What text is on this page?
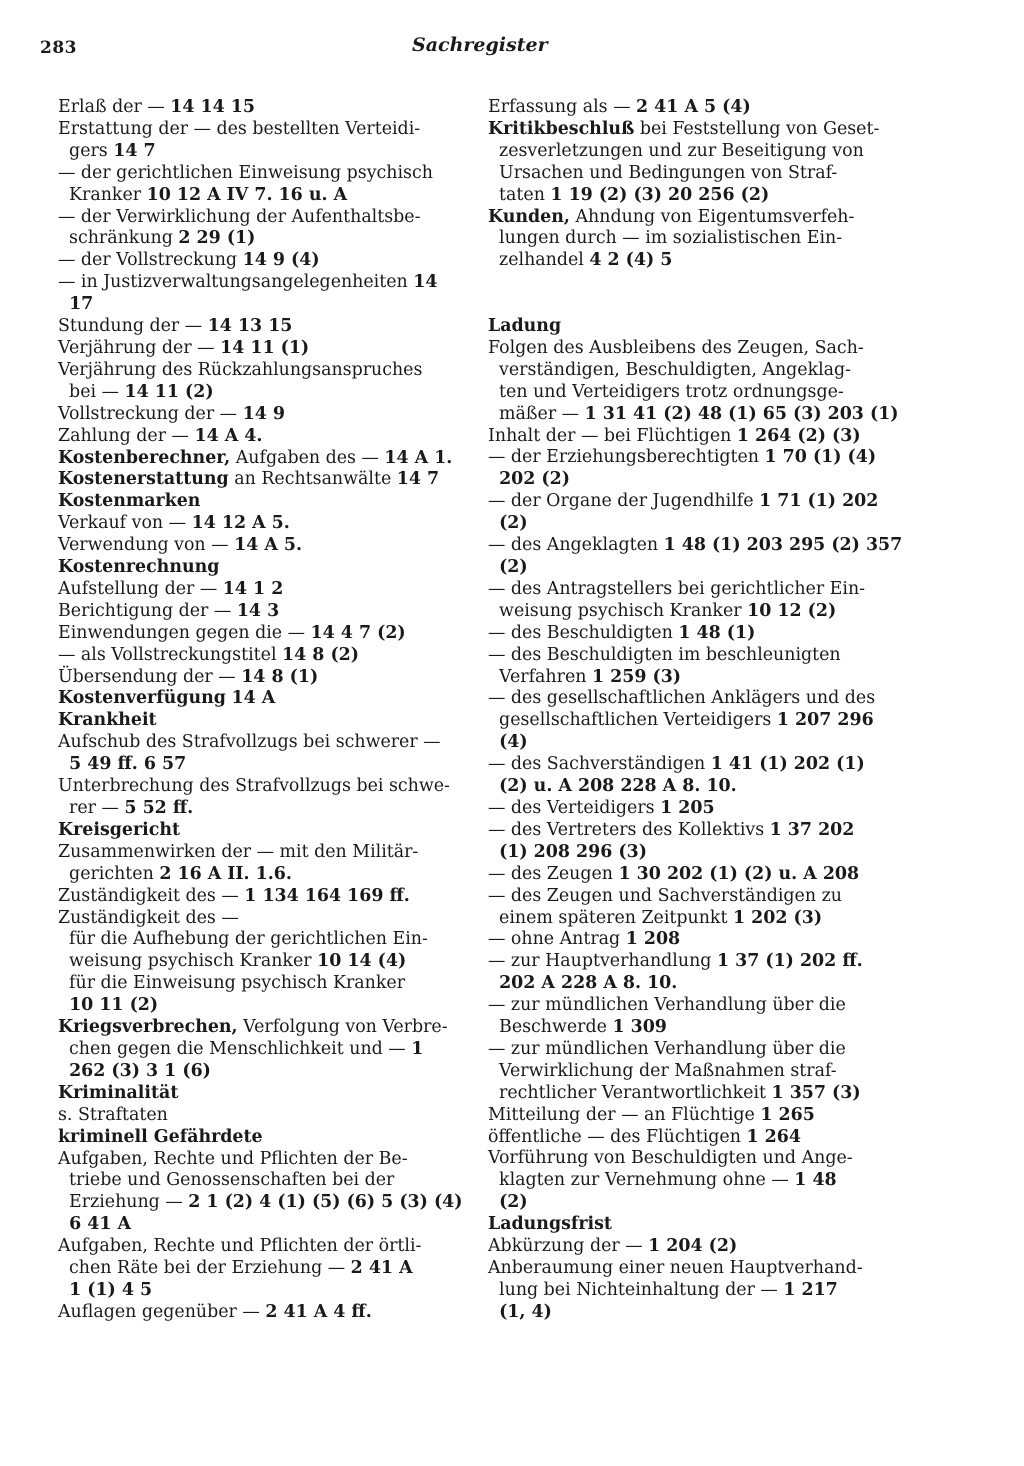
283	Sachregister
Erlaß der — 14 14 15
Erstattung der — des bestellten Verteidi-
gers 14 7
— der gerichtlichen Einweisung psychisch
Kranker 10 12 A IV 7. 16 u. A
— der Verwirklichung der Aufenthaltsbe-
schränkung 2 29 (1)
— der Vollstreckung 14 9 (4)
— in Justizverwaltungsangelegenheiten 14
17
Stundung der — 14 13 15
Verjährung der — 14 11 (1)
Verjährung des Rückzahlungsanspruches
bei — 14 11 (2)
Vollstreckung der — 14 9
Zahlung der — 14 A 4.
Kostenberechner, Aufgaben des — 14 A 1.
Kostenerstattung an Rechtsanwälte 14 7
Kostenmarken
Verkauf von — 14 12 A 5.
Verwendung von — 14 A 5.
Kostenrechnung
Aufstellung der — 14 1 2
Berichtigung der — 14 3
Einwendungen gegen die — 14 4 7 (2)
— als Vollstreckungstitel 14 8 (2)
Übersendung der — 14 8 (1)
Kostenverfügung 14 A
Krankheit
Aufschub des Strafvollzugs bei schwerer —
5 49 ff. 6 57
Unterbrechung des Strafvollzugs bei schwe-
rer — 5 52 ff.
Kreisgericht
Zusammenwirken der — mit den Militär-
gerichten 2 16 A II. 1.6.
Zuständigkeit des — 1 134 164 169 ff.
Zuständigkeit des —
für die Aufhebung der gerichtlichen Ein-
weisung psychisch Kranker 10 14 (4)
für die Einweisung psychisch Kranker
10 11 (2)
Kriegsverbrechen, Verfolgung von Verbre-
chen gegen die Menschlichkeit und — 1
262 (3) 3 1 (6)
Kriminalität
s. Straftaten
kriminell Gefährdete
Aufgaben, Rechte und Pflichten der Be-
triebe und Genossenschaften bei der
Erziehung — 2 1 (2) 4 (1) (5) (6) 5 (3) (4)
6 41 A
Aufgaben, Rechte und Pflichten der örtli-
chen Räte bei der Erziehung — 2 41 A
1 (1) 4 5
Auflagen gegenüber — 2 41 A 4 ff.
Erfassung als — 2 41 A 5 (4)
Kritikbeschluß bei Feststellung von Geset-
zesverletzungen und zur Beseitigung von
Ursachen und Bedingungen von Straf-
taten 1 19 (2) (3) 20 256 (2)
Kunden, Ahndung von Eigentumsverfeh-
lungen durch — im sozialistischen Ein-
zelhandel 4 2 (4) 5
Ladung
Folgen des Ausbleibens des Zeugen, Sach-
verständigen, Beschuldigten, Angeklag-
ten und Verteidigers trotz ordnungsge-
mäßer — 1 31 41 (2) 48 (1) 65 (3) 203 (1)
Inhalt der — bei Flüchtigen 1 264 (2) (3)
— der Erziehungsberechtigten 1 70 (1) (4)
202 (2)
— der Organe der Jugendhilfe 1 71 (1) 202
(2)
— des Angeklagten 1 48 (1) 203 295 (2) 357
(2)
— des Antragstellers bei gerichtlicher Ein-
weisung psychisch Kranker 10 12 (2)
— des Beschuldigten 1 48 (1)
— des Beschuldigten im beschleunigten
Verfahren 1 259 (3)
— des gesellschaftlichen Anklägers und des
gesellschaftlichen Verteidigers 1 207 296
(4)
— des Sachverständigen 1 41 (1) 202 (1)
(2) u. A 208 228 A 8. 10.
— des Verteidigers 1 205
— des Vertreters des Kollektivs 1 37 202
(1) 208 296 (3)
— des Zeugen 1 30 202 (1) (2) u. A 208
— des Zeugen und Sachverständigen zu
einem späteren Zeitpunkt 1 202 (3)
— ohne Antrag 1 208
— zur Hauptverhandlung 1 37 (1) 202 ff.
202 A 228 A 8. 10.
— zur mündlichen Verhandlung über die
Beschwerde 1 309
— zur mündlichen Verhandlung über die
Verwirklichung der Maßnahmen straf-
rechtlicher Verantwortlichkeit 1 357 (3)
Mitteilung der — an Flüchtige 1 265
öffentliche — des Flüchtigen 1 264
Vorführung von Beschuldigten und Ange-
klagten zur Vernehmung ohne — 1 48
(2)
Ladungsfrist
Abkürzung der — 1 204 (2)
Anberaumung einer neuen Hauptverhand-
lung bei Nichteinhaltung der — 1 217
(1, 4)
